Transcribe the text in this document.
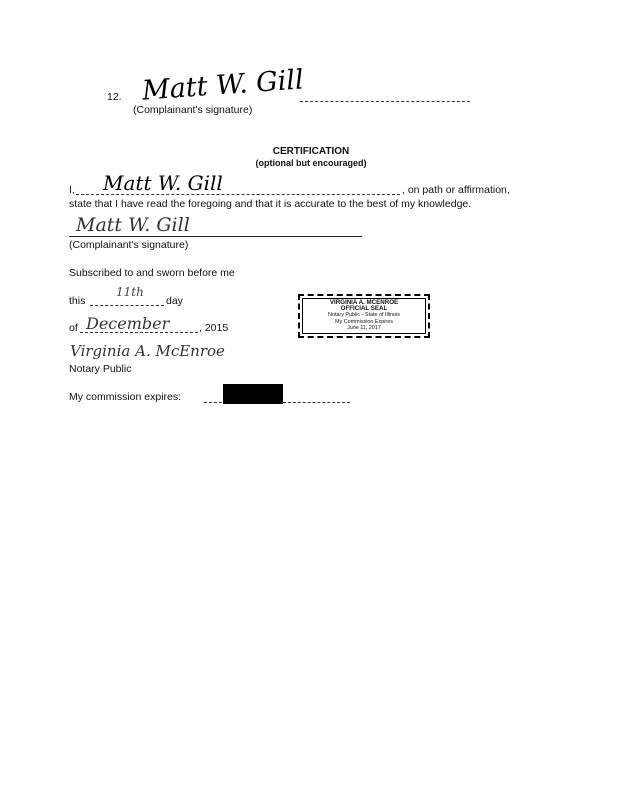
12. Matt W. Gill
(Complainant's signature)
CERTIFICATION
(optional but encouraged)
I, Matt W. Gill	, on path or affirmation,
state that I have read the foregoing and that it is accurate to the best of my knowledge.
Matt W. Gill
(Complainant's signature)
Subscribed to and sworn before me
this
11th
day
of December	, 2015
Virginia A. McEnroe
Notary Public
My commission expires:
VIRGINIA A. MCENROE
OFFICIAL SEAL
Notary Public - State of Illinois
My Commission Expires
June 11, 2017
